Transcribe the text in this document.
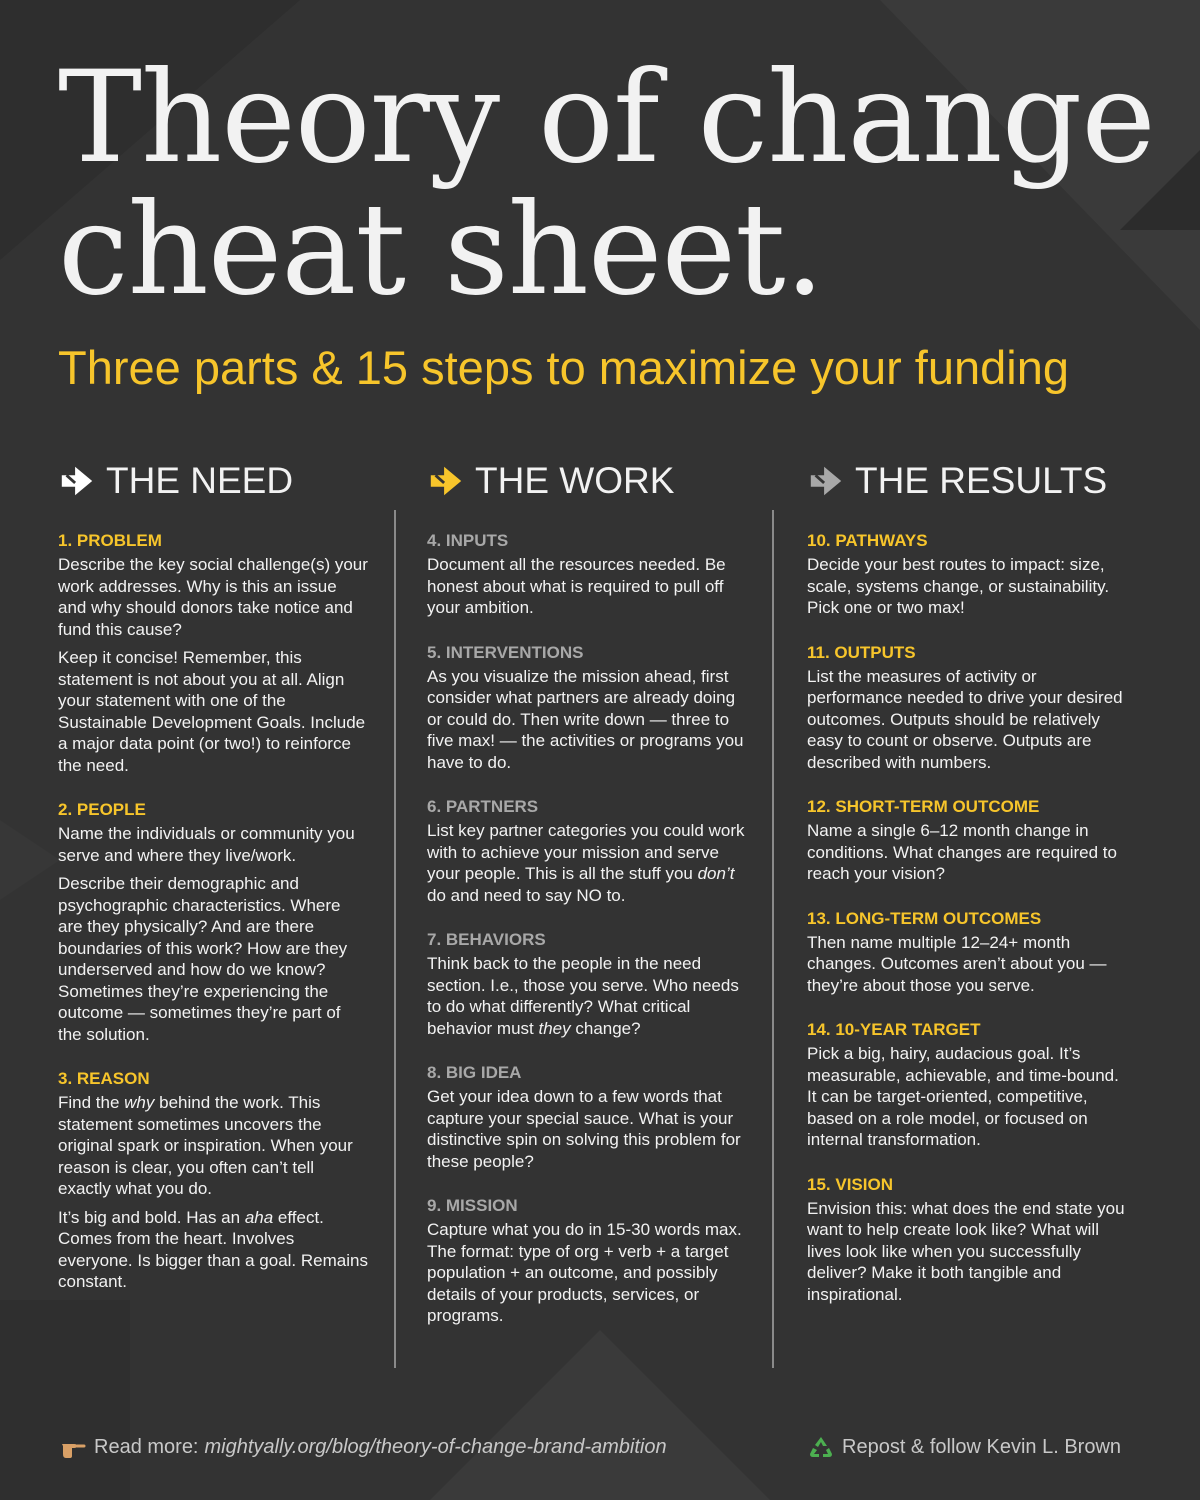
Theory of change
cheat sheet.

Three parts & 15 steps to maximize your funding

THE NEED
1. PROBLEM

Describe the key social challenge(s) your work addresses. Why is this an issue and why should donors take notice and fund this cause?

Keep it concise! Remember, this statement is not about you at all. Align your statement with one of the Sustainable Development Goals. Include a major data point (or two!) to reinforce the need.

2. PEOPLE

Name the individuals or community you serve and where they live/work.

Describe their demographic and psychographic characteristics. Where are they physically? And are there boundaries of this work? How are they underserved and how do we know? Sometimes they’re experiencing the outcome — sometimes they’re part of the solution.

3. REASON

Find the why behind the work. This statement sometimes uncovers the original spark or inspiration. When your reason is clear, you often can’t tell exactly what you do.

It’s big and bold. Has an aha effect. Comes from the heart. Involves everyone. Is bigger than a goal. Remains constant.

THE WORK
4. INPUTS

Document all the resources needed. Be honest about what is required to pull off your ambition.

5. INTERVENTIONS

As you visualize the mission ahead, first consider what partners are already doing or could do. Then write down — three to five max! — the activities or programs you have to do.

6. PARTNERS

List key partner categories you could work with to achieve your mission and serve your people. This is all the stuff you don’t do and need to say NO to.

7. BEHAVIORS

Think back to the people in the need section. I.e., those you serve. Who needs to do what differently? What critical behavior must they change?

8. BIG IDEA

Get your idea down to a few words that capture your special sauce. What is your distinctive spin on solving this problem for these people?

9. MISSION

Capture what you do in 15-30 words max. The format: type of org + verb + a target population + an outcome, and possibly details of your products, services, or programs.

THE RESULTS
10. PATHWAYS

Decide your best routes to impact: size, scale, systems change, or sustainability. Pick one or two max!

11. OUTPUTS

List the measures of activity or performance needed to drive your desired outcomes. Outputs should be relatively easy to count or observe. Outputs are described with numbers.

12. SHORT-TERM OUTCOME

Name a single 6–12 month change in conditions. What changes are required to reach your vision?

13. LONG-TERM OUTCOMES

Then name multiple 12–24+ month changes. Outcomes aren’t about you — they’re about those you serve.

14. 10-YEAR TARGET

Pick a big, hairy, audacious goal. It’s measurable, achievable, and time-bound. It can be target-oriented, competitive, based on a role model, or focused on internal transformation.

15. VISION

Envision this: what does the end state you want to help create look like? What will lives look like when you successfully deliver? Make it both tangible and inspirational.

Read more: mightyally.org/blog/theory-of-change-brand-ambition	Repost & follow Kevin L. Brown
